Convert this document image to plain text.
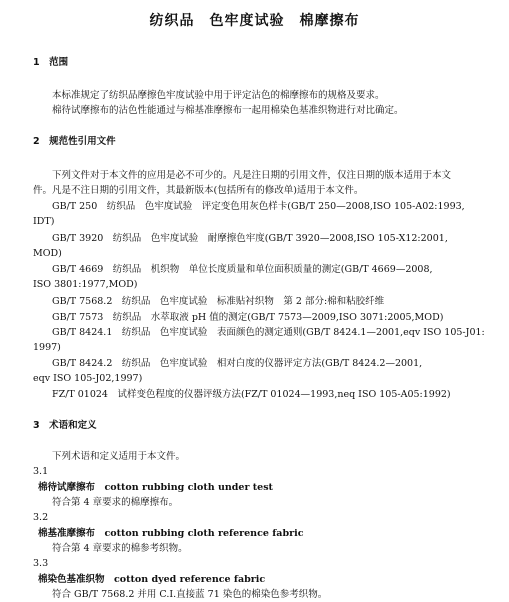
纺织品　色牢度试验　棉摩擦布
1　范围
本标准规定了纺织品摩擦色牢度试验中用于评定沾色的棉摩擦布的规格及要求。
棉待试摩擦布的沾色性能通过与棉基准摩擦布一起用棉染色基准织物进行对比确定。
2　规范性引用文件
下列文件对于本文件的应用是必不可少的。凡是注日期的引用文件，仅注日期的版本适用于本文
件。凡是不注日期的引用文件，其最新版本(包括所有的修改单)适用于本文件。
GB/T 250　纺织品　色牢度试验　评定变色用灰色样卡(GB/T 250—2008,ISO 105-A02:1993,
IDT)
GB/T 3920　纺织品　色牢度试验　耐摩擦色牢度(GB/T 3920—2008,ISO 105-X12:2001,
MOD)
GB/T 4669　纺织品　机织物　单位长度质量和单位面积质量的测定(GB/T 4669—2008,
ISO 3801:1977,MOD)
GB/T 7568.2　纺织品　色牢度试验　标准贴衬织物　第 2 部分:棉和粘胶纤维
GB/T 7573　纺织品　水萃取液 pH 值的测定(GB/T 7573—2009,ISO 3071:2005,MOD)
GB/T 8424.1　纺织品　色牢度试验　表面颜色的测定通则(GB/T 8424.1—2001,eqv ISO 105-J01:
1997)
GB/T 8424.2　纺织品　色牢度试验　相对白度的仪器评定方法(GB/T 8424.2—2001,
eqv ISO 105-J02,1997)
FZ/T 01024　试样变色程度的仪器评级方法(FZ/T 01024—1993,neq ISO 105-A05:1992)
3　术语和定义
下列术语和定义适用于本文件。
3.1
棉待试摩擦布　cotton rubbing cloth under test
符合第 4 章要求的棉摩擦布。
3.2
棉基准摩擦布　cotton rubbing cloth reference fabric
符合第 4 章要求的棉参考织物。
3.3
棉染色基准织物　cotton dyed reference fabric
符合 GB/T 7568.2 并用 C.I.直接蓝 71 染色的棉染色参考织物。
